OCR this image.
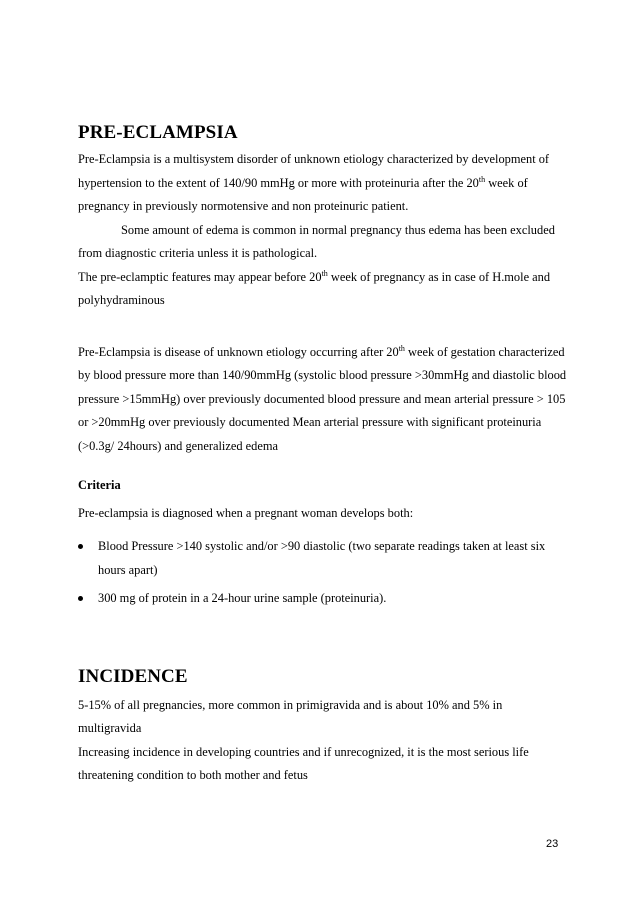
PRE-ECLAMPSIA

Pre-Eclampsia is a multisystem disorder of unknown etiology characterized by development of hypertension to the extent of 140/90 mmHg or more with proteinuria after the 20th week of pregnancy in previously normotensive and non proteinuric patient.

Some amount of edema is common in normal pregnancy thus edema has been excluded from diagnostic criteria unless it is pathological.

The pre-eclamptic features may appear before 20th week of pregnancy as in case of H.mole and polyhydraminous

Pre-Eclampsia is disease of unknown etiology occurring after 20th week of gestation characterized by blood pressure more than 140/90mmHg (systolic blood pressure >30mmHg and diastolic blood pressure >15mmHg) over previously documented blood pressure and mean arterial pressure > 105 or >20mmHg over previously documented Mean arterial pressure with significant proteinuria (>0.3g/ 24hours) and generalized edema

Criteria

Pre-eclampsia is diagnosed when a pregnant woman develops both:

Blood Pressure >140 systolic and/or >90 diastolic (two separate readings taken at least six hours apart)
300 mg of protein in a 24-hour urine sample (proteinuria).
INCIDENCE

5-15% of all pregnancies, more common in primigravida and is about 10% and 5% in multigravida

Increasing incidence in developing countries and if unrecognized, it is the most serious life threatening condition to both mother and fetus

23
